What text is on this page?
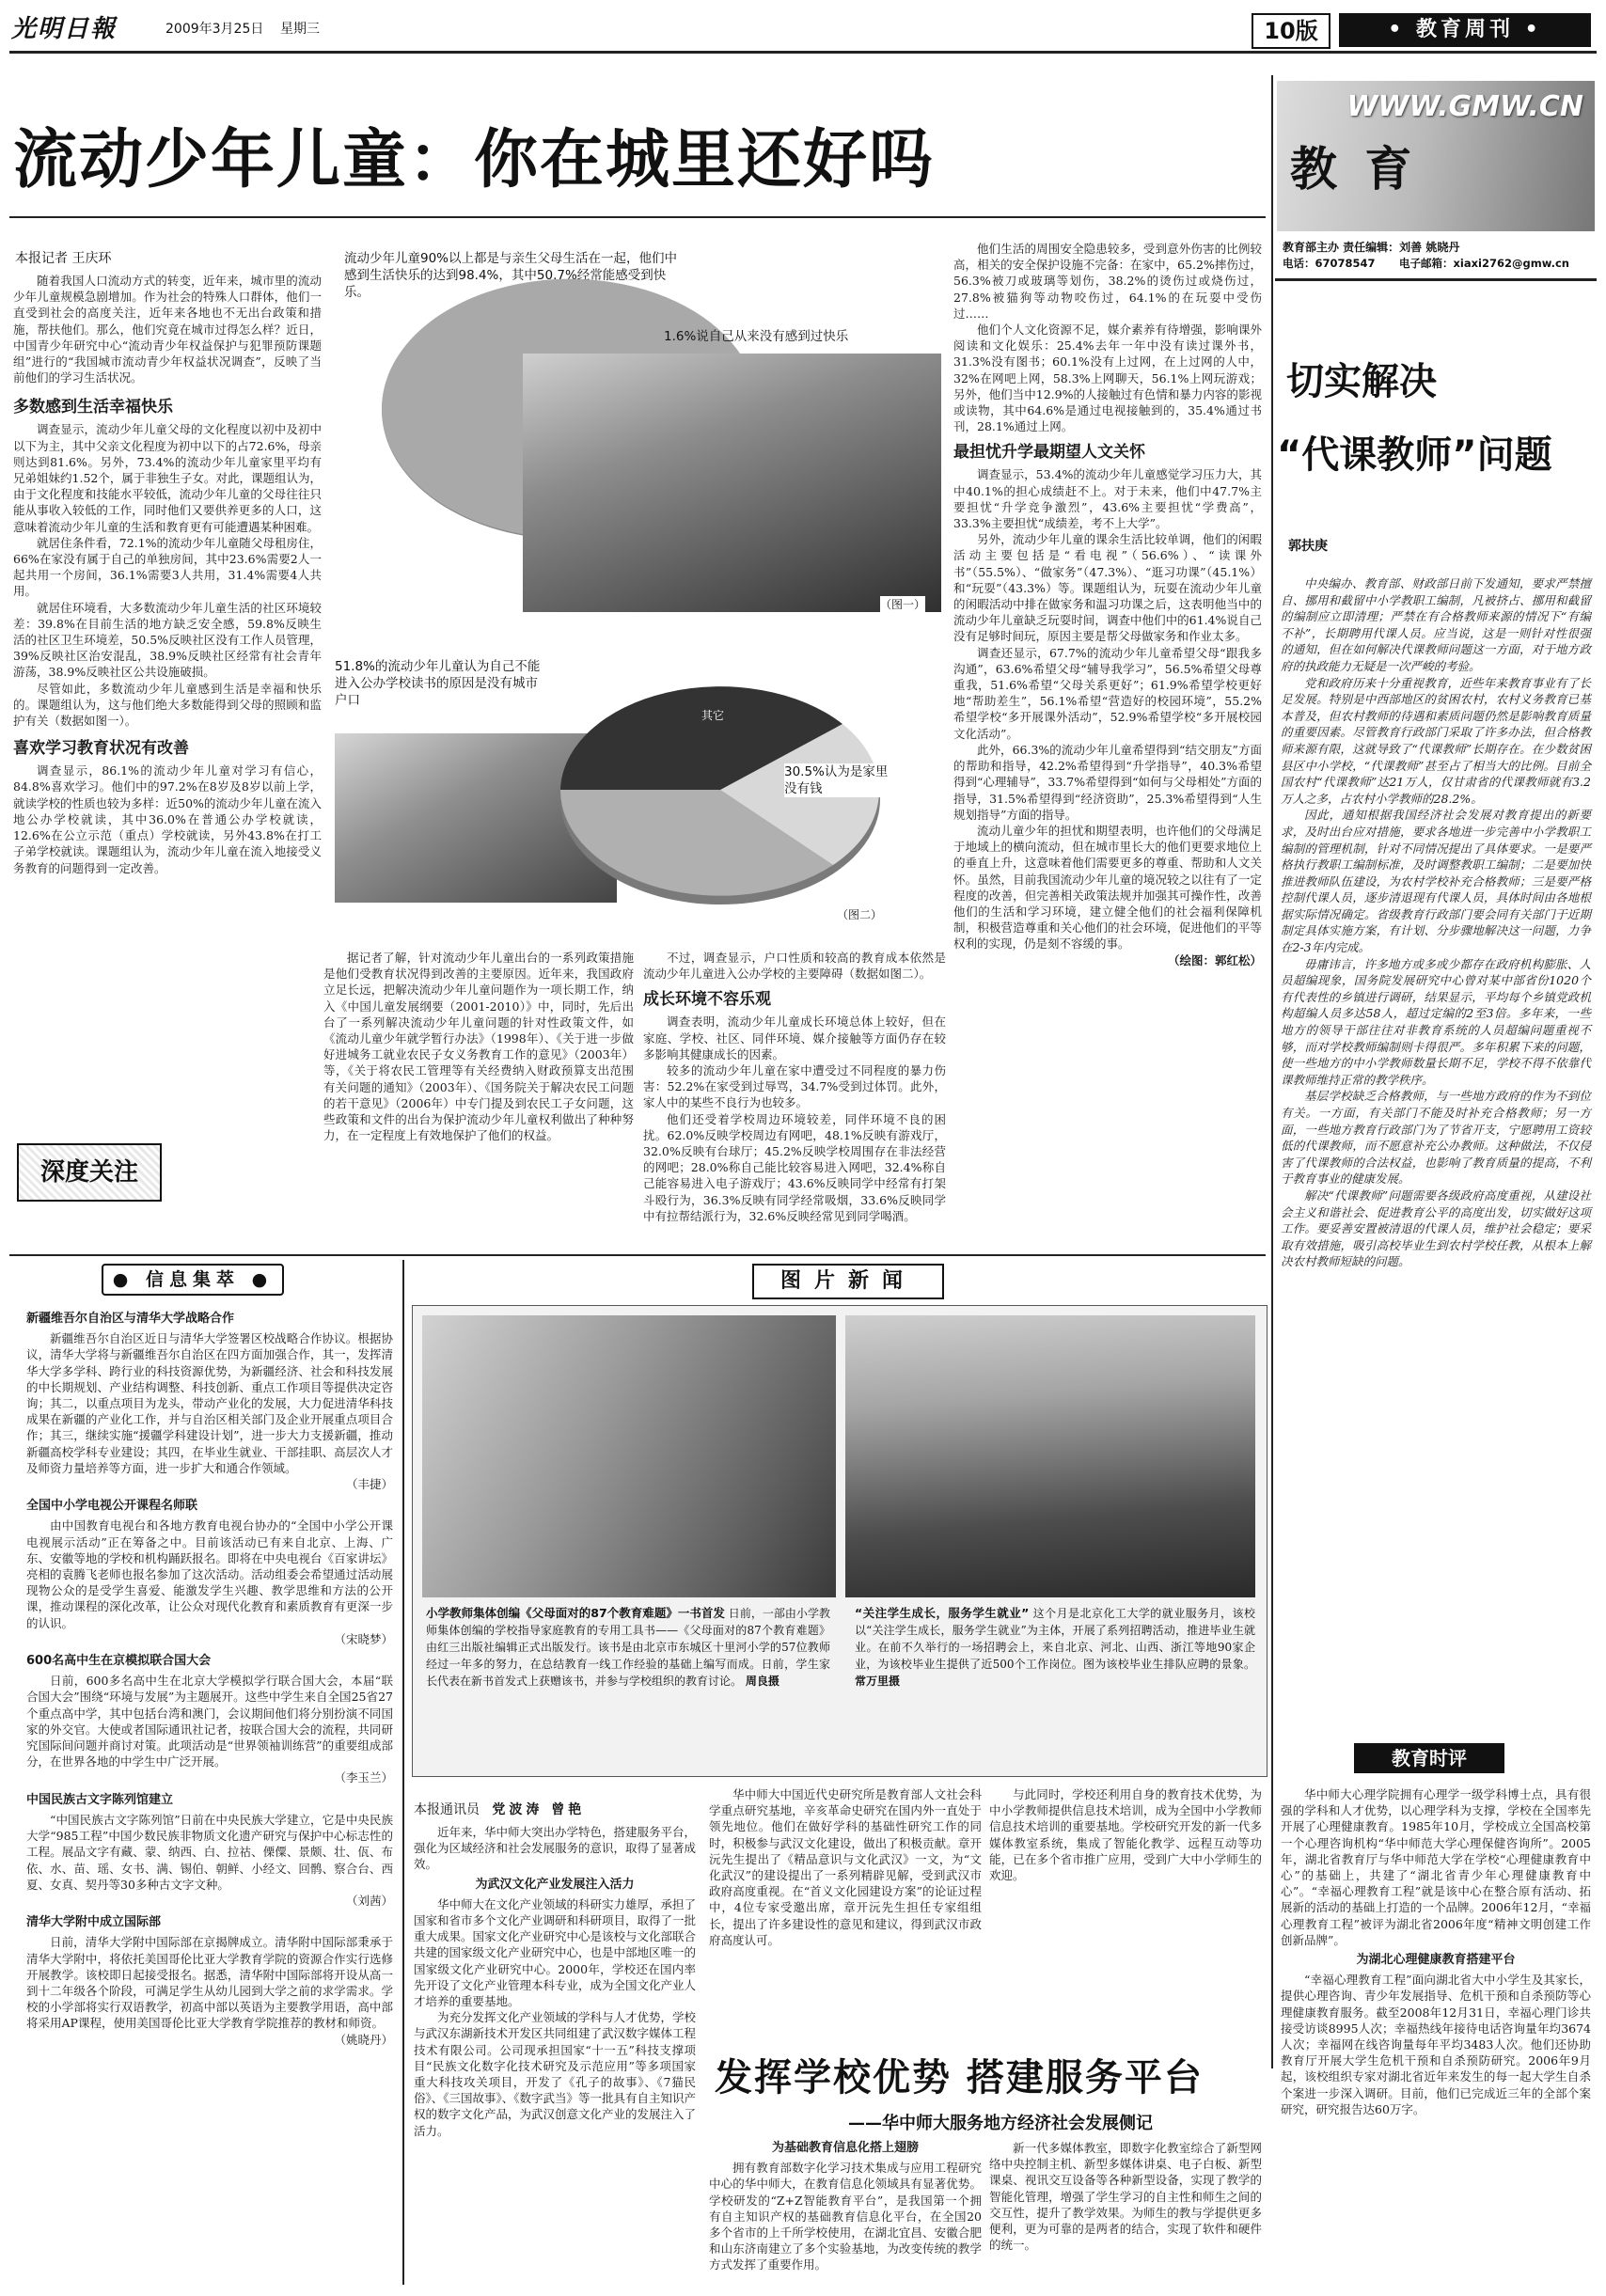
光明日報	2009年3月25日 星期三	10版	• 教育周刊 •
WWW.GMW.CN
教 育
教育部主办 责任编辑：刘善 姚晓丹
电话：67078547 电子邮箱：xiaxi2762@gmw.cn
流动少年儿童：你在城里还好吗
本报记者 王庆环

随着我国人口流动方式的转变，近年来，城市里的流动少年儿童规模急剧增加。作为社会的特殊人口群体，他们一直受到社会的高度关注，近年来各地也不无出台政策和措施，帮扶他们。那么，他们究竟在城市过得怎么样？近日，中国青少年研究中心“流动青少年权益保护与犯罪预防课题组”进行的“我国城市流动青少年权益状况调查”，反映了当前他们的学习生活状况。

多数感到生活幸福快乐

调查显示，流动少年儿童父母的文化程度以初中及初中以下为主，其中父亲文化程度为初中以下的占72.6%，母亲则达到81.6%。另外，73.4%的流动少年儿童家里平均有兄弟姐妹约1.52个，属于非独生子女。对此，课题组认为，由于文化程度和技能水平较低，流动少年儿童的父母往往只能从事收入较低的工作，同时他们又要供养更多的人口，这意味着流动少年儿童的生活和教育更有可能遭遇某种困难。

就居住条件看，72.1%的流动少年儿童随父母租房住，66%在家没有属于自己的单独房间，其中23.6%需要2人一起共用一个房间，36.1%需要3人共用，31.4%需要4人共用。

就居住环境看，大多数流动少年儿童生活的社区环境较差：39.8%在目前生活的地方缺乏安全感，59.8%反映生活的社区卫生环境差，50.5%反映社区没有工作人员管理，39%反映社区治安混乱，38.9%反映社区经常有社会青年游荡，38.9%反映社区公共设施破损。

尽管如此，多数流动少年儿童感到生活是幸福和快乐的。课题组认为，这与他们绝大多数能得到父母的照顾和监护有关（数据如图一）。

喜欢学习教育状况有改善

调查显示，86.1%的流动少年儿童对学习有信心，84.8%喜欢学习。他们中的97.2%在8岁及8岁以前上学，就读学校的性质也较为多样：近50%的流动少年儿童在流入地公办学校就读，其中36.0%在普通公办学校就读，12.6%在公立示范（重点）学校就读，另外43.8%在打工子弟学校就读。课题组认为，流动少年儿童在流入地接受义务教育的问题得到一定改善。

流动少年儿童90%以上都是与亲生父母生活在一起，他们中感到生活快乐的达到98.4%，其中50.7%经常能感受到快乐。
1.6%说自己从来没有感到过快乐
（图一）
其它
51.8%的流动少年儿童认为自己不能进入公办学校读书的原因是没有城市户口
30.5%认为是家里没有钱
（图二）

据记者了解，针对流动少年儿童出台的一系列政策措施是他们受教育状况得到改善的主要原因。近年来，我国政府立足长远，把解决流动少年儿童问题作为一项长期工作，纳入《中国儿童发展纲要（2001-2010）》中，同时，先后出台了一系列解决流动少年儿童问题的针对性政策文件，如《流动儿童少年就学暂行办法》（1998年）、《关于进一步做好进城务工就业农民子女义务教育工作的意见》（2003年）等，《关于将农民工管理等有关经费纳入财政预算支出范围有关问题的通知》（2003年）、《国务院关于解决农民工问题的若干意见》（2006年）中专门提及到农民工子女问题，这些政策和文件的出台为保护流动少年儿童权利做出了种种努力，在一定程度上有效地保护了他们的权益。

不过，调查显示，户口性质和较高的教育成本依然是流动少年儿童进入公办学校的主要障碍（数据如图二）。

成长环境不容乐观

调查表明，流动少年儿童成长环境总体上较好，但在家庭、学校、社区、同伴环境、媒介接触等方面仍存在较多影响其健康成长的因素。

较多的流动少年儿童在家中遭受过不同程度的暴力伤害：52.2%在家受到过辱骂，34.7%受到过体罚。此外，家人中的某些不良行为也较多。

他们还受着学校周边环境较差，同伴环境不良的困扰。62.0%反映学校周边有网吧，48.1%反映有游戏厅，32.0%反映有台球厅；45.2%反映学校周围存在非法经营的网吧；28.0%称自己能比较容易进入网吧，32.4%称自己能容易进入电子游戏厅；43.6%反映同学中经常有打架斗殴行为，36.3%反映有同学经常吸烟，33.6%反映同学中有拉帮结派行为，32.6%反映经常见到同学喝酒。

他们生活的周围安全隐患较多，受到意外伤害的比例较高，相关的安全保护设施不完备：在家中，65.2%摔伤过，56.3%被刀或玻璃等划伤，38.2%的烫伤过或烧伤过，27.8%被猫狗等动物咬伤过，64.1%的在玩耍中受伤过……

他们个人文化资源不足，媒介素养有待增强，影响课外阅读和文化娱乐：25.4%去年一年中没有读过课外书，31.3%没有图书；60.1%没有上过网，在上过网的人中，32%在网吧上网，58.3%上网聊天，56.1%上网玩游戏；另外，他们当中12.9%的人接触过有色情和暴力内容的影视或读物，其中64.6%是通过电视接触到的，35.4%通过书刊，28.1%通过上网。

最担忧升学最期望人文关怀

调查显示，53.4%的流动少年儿童感觉学习压力大，其中40.1%的担心成绩赶不上。对于未来，他们中47.7%主要担忧“升学竞争激烈”，43.6%主要担忧“学费高”，33.3%主要担忧“成绩差，考不上大学”。

另外，流动少年儿童的课余生活比较单调，他们的闲暇活动主要包括是“看电视”（56.6%）、“读课外书”（55.5%）、“做家务”（47.3%）、“逛习功课”（45.1%）和“玩耍”（43.3%）等。课题组认为，玩耍在流动少年儿童的闲暇活动中排在做家务和温习功课之后，这表明他当中的流动少年儿童缺乏玩耍时间，调查中他们中的61.4%说自己没有足够时间玩，原因主要是帮父母做家务和作业太多。

调查还显示，67.7%的流动少年儿童希望父母“跟我多沟通”，63.6%希望父母“辅导我学习”，56.5%希望父母尊重我，51.6%希望“父母关系更好”；61.9%希望学校更好地“帮助差生”，56.1%希望“营造好的校园环境”，55.2%希望学校“多开展课外活动”，52.9%希望学校“多开展校园文化活动”。

此外，66.3%的流动少年儿童希望得到“结交朋友”方面的帮助和指导，42.2%希望得到“升学指导”，40.3%希望得到“心理辅导”，33.7%希望得到“如何与父母相处”方面的指导，31.5%希望得到“经济资助”，25.3%希望得到“人生规划指导”方面的指导。

流动儿童少年的担忧和期望表明，也许他们的父母满足于地域上的横向流动，但在城市里长大的他们更要求地位上的垂直上升，这意味着他们需要更多的尊重、帮助和人文关怀。虽然，目前我国流动少年儿童的境况较之以往有了一定程度的改善，但完善相关政策法规并加强其可操作性，改善他们的生活和学习环境，建立健全他们的社会福利保障机制，积极营造尊重和关心他们的社会环境，促进他们的平等权利的实现，仍是刻不容缓的事。

（绘图：郭红松）
深度关注
● 信息集萃 ●
新疆维吾尔自治区与清华大学战略合作

新疆维吾尔自治区近日与清华大学签署区校战略合作协议。根据协议，清华大学将与新疆维吾尔自治区在四方面加强合作，其一，发挥清华大学多学科、跨行业的科技资源优势，为新疆经济、社会和科技发展的中长期规划、产业结构调整、科技创新、重点工作项目等提供决定咨询；其二，以重点项目为龙头，带动产业化的发展，大力促进清华科技成果在新疆的产业化工作，并与自治区相关部门及企业开展重点项目合作；其三，继续实施“援疆学科建设计划”，进一步大力支援新疆，推动新疆高校学科专业建设；其四，在毕业生就业、干部挂职、高层次人才及师资力量培养等方面，进一步扩大和通合作领域。

（丰捷）
全国中小学电视公开课程名师联

由中国教育电视台和各地方教育电视台协办的“全国中小学公开课电视展示活动”正在筹备之中。目前该活动已有来自北京、上海、广东、安徽等地的学校和机构踊跃报名。即将在中央电视台《百家讲坛》亮相的袁腾飞老师也报名参加了这次活动。活动组委会希望通过活动展现物公众的是受学生喜爱、能激发学生兴趣、教学思维和方法的公开课，推动课程的深化改革，让公众对现代化教育和素质教育有更深一步的认识。

（宋晓梦）
600名高中生在京模拟联合国大会

日前，600多名高中生在北京大学模拟学行联合国大会，本届“联合国大会”围绕“环境与发展”为主题展开。这些中学生来自全国25省27个重点高中学，其中包括台湾和澳门，会议期间他们将分别扮演不同国家的外交官。大使或者国际通讯社记者，按联合国大会的流程，共同研究国际间问题并商讨对策。此项活动是“世界领袖训练营”的重要组成部分，在世界各地的中学生中广泛开展。

（李玉兰）
中国民族古文字陈列馆建立

“中国民族古文字陈列馆”日前在中央民族大学建立，它是中央民族大学“985工程”中国少数民族非物质文化遗产研究与保护中心标志性的工程。展品文字有藏、蒙、纳西、白、拉祜、傈僳、景颇、壮、佤、布依、水、苗、瑶、女书、满、锡伯、朝鲜、小经文、回鹘、察合台、西夏、女真、契丹等30多种古文字文种。

（刘茜）
清华大学附中成立国际部

日前，清华大学附中国际部在京揭牌成立。清华附中国际部秉承于清华大学附中，将依托美国哥伦比亚大学教育学院的资源合作实行选修开展教学。该校即日起接受报名。据悉，清华附中国际部将开设从高一到十二年级各个阶段，可满足学生从幼儿园到大学之前的求学需求。学校的小学部将实行双语教学，初高中部以英语为主要教学用语，高中部将采用AP课程，使用美国哥伦比亚大学教育学院推荐的教材和师资。

（姚晓丹）
图片新闻
小学教师集体创编《父母面对的87个教育难题》一书首发 日前，一部由小学教师集体创编的学校指导家庭教育的专用工具书——《父母面对的87个教育难题》由红三出版社编辑正式出版发行。该书是由北京市东城区十里河小学的57位教师经过一年多的努力，在总结教育一线工作经验的基础上编写而成。日前，学生家长代表在新书首发式上获赠该书，并参与学校组织的教育讨论。 周良摄
“关注学生成长，服务学生就业” 这个月是北京化工大学的就业服务月，该校以“关注学生成长，服务学生就业”为主体，开展了系列招聘活动，推进毕业生就业。在前不久举行的一场招聘会上，来自北京、河北、山西、浙江等地90家企业，为该校毕业生提供了近500个工作岗位。图为该校毕业生排队应聘的景象。 常万里摄
本报通讯员 党波涛 曾艳

近年来，华中师大突出办学特色，搭建服务平台，强化为区域经济和社会发展服务的意识，取得了显著成效。

为武汉文化产业发展注入活力

华中师大在文化产业领域的科研实力雄厚，承担了国家和省市多个文化产业调研和科研项目，取得了一批重大成果。国家文化产业研究中心是该校与文化部联合共建的国家级文化产业研究中心，也是中部地区唯一的国家级文化产业研究中心。2000年，学校还在国内率先开设了文化产业管理本科专业，成为全国文化产业人才培养的重要基地。

为充分发挥文化产业领域的学科与人才优势，学校与武汉东湖新技术开发区共同组建了武汉数字媒体工程技术有限公司。公司现承担国家“十一五”科技支撑项目“民族文化数字化技术研究及示范应用”等多项国家重大科技攻关项目，开发了《孔子的故事》、《7猫民俗》、《三国故事》、《数字武当》等一批具有自主知识产权的数字文化产品，为武汉创意文化产业的发展注入了活力。

发挥学校优势 搭建服务平台
——华中师大服务地方经济社会发展侧记

华中师大中国近代史研究所是教育部人文社会科学重点研究基地，辛亥革命史研究在国内外一直处于领先地位。他们在做好学科的基础性研究工作的同时，积极参与武汉文化建设，做出了积极贡献。章开沅先生提出了《精品意识与文化武汉》一文，为“文化武汉”的建设提出了一系列精辟见解，受到武汉市政府高度重视。在“首义文化园建设方案”的论证过程中，4位专家受邀出席，章开沅先生担任专家组组长，提出了许多建设性的意见和建议，得到武汉市政府高度认可。

为基础教育信息化搭上翅膀

拥有教育部数字化学习技术集成与应用工程研究中心的华中师大，在教育信息化领域具有显著优势。学校研发的“Z+Z智能教育平台”，是我国第一个拥有自主知识产权的基础教育信息化平台，在全国20多个省市的上千所学校使用，在湖北宜昌、安徽合肥和山东济南建立了多个实验基地，为改变传统的教学方式发挥了重要作用。

与此同时，学校还利用自身的教育技术优势，为中小学教师提供信息技术培训，成为全国中小学教师信息技术培训的重要基地。学校研究开发的新一代多媒体教室系统，集成了智能化教学、远程互动等功能，已在多个省市推广应用，受到广大中小学师生的欢迎。

新一代多媒体教室，即数字化教室综合了新型网络中央控制主机、新型多媒体讲桌、电子白板、新型课桌、视讯交互设备等各种新型设备，实现了教学的智能化管理，增强了学生学习的自主性和师生之间的交互性，提升了教学效果。为师生的教与学提供更多便利，更为可靠的是两者的结合，实现了软件和硬件的统一。

华中师大心理学院拥有心理学一级学科博士点，具有很强的学科和人才优势，以心理学科为支撑，学校在全国率先开展了心理健康教育。1985年10月，学校成立全国高校第一个心理咨询机构“华中师范大学心理保健咨询所”。2005年，湖北省教育厅与华中师范大学在学校“心理健康教育中心”的基础上，共建了“湖北省青少年心理健康教育中心”。“幸福心理教育工程”就是该中心在整合原有活动、拓展新的活动的基础上打造的一个品牌。2006年12月，“幸福心理教育工程”被评为湖北省2006年度“精神文明创建工作创新品牌”。

为湖北心理健康教育搭建平台

“幸福心理教育工程”面向湖北省大中小学生及其家长，提供心理咨询、青少年发展指导、危机干预和自杀预防等心理健康教育服务。截至2008年12月31日，幸福心理门诊共接受访谈8995人次；幸福热线年接待电话咨询量年均3674人次；幸福网在线咨询量每年平均3483人次。他们还协助教育厅开展大学生危机干预和自杀预防研究。2006年9月起，该校组织专家对湖北省近年来发生的每一起大学生自杀个案进一步深入调研。目前，他们已完成近三年的全部个案研究，研究报告达60万字。

切实解决
“代课教师”问题
郭扶庚

中央编办、教育部、财政部日前下发通知，要求严禁擅自、挪用和截留中小学教职工编制，凡被挤占、挪用和截留的编制应立即清理；严禁在有合格教师来源的情况下“有编不补”，长期聘用代课人员。应当说，这是一则针对性很强的通知，但在如何解决代课教师问题这一方面，对于地方政府的执政能力无疑是一次严峻的考验。

党和政府历来十分重视教育，近些年来教育事业有了长足发展。特别是中西部地区的贫困农村，农村义务教育已基本普及，但农村教师的待遇和素质问题仍然是影响教育质量的重要因素。尽管教育行政部门采取了许多办法，但合格教师来源有限，这就导致了“代课教师”长期存在。在少数贫困县区中小学校，“代课教师”甚至占了相当大的比例。目前全国农村“代课教师”达21万人，仅甘肃省的代课教师就有3.2万人之多，占农村小学教师的28.2%。

因此，通知根据我国经济社会发展对教育提出的新要求，及时出台应对措施，要求各地进一步完善中小学教职工编制的管理机制，针对不同情况提出了具体要求。一是要严格执行教职工编制标准，及时调整教职工编制；二是要加快推进教师队伍建设，为农村学校补充合格教师；三是要严格控制代课人员，逐步清退现有代课人员，具体时间由各地根据实际情况确定。省级教育行政部门要会同有关部门于近期制定具体实施方案，有计划、分步骤地解决这一问题，力争在2-3年内完成。

毋庸讳言，许多地方或多或少都存在政府机构膨胀、人员超编现象，国务院发展研究中心曾对某中部省份1020个有代表性的乡镇进行调研，结果显示，平均每个乡镇党政机构超编人员多达58人，超过定编的2至3倍。多年来，一些地方的领导干部往往对非教育系统的人员超编问题重视不够，而对学校教师编制则卡得很严。多年积累下来的问题，使一些地方的中小学教师数量长期不足，学校不得不依靠代课教师维持正常的教学秩序。

基层学校缺乏合格教师，与一些地方政府的作为不到位有关。一方面，有关部门不能及时补充合格教师；另一方面，一些地方教育行政部门为了节省开支，宁愿聘用工资较低的代课教师，而不愿意补充公办教师。这种做法，不仅侵害了代课教师的合法权益，也影响了教育质量的提高，不利于教育事业的健康发展。

解决“代课教师”问题需要各级政府高度重视，从建设社会主义和谐社会、促进教育公平的高度出发，切实做好这项工作。要妥善安置被清退的代课人员，维护社会稳定；要采取有效措施，吸引高校毕业生到农村学校任教，从根本上解决农村教师短缺的问题。

教育时评
